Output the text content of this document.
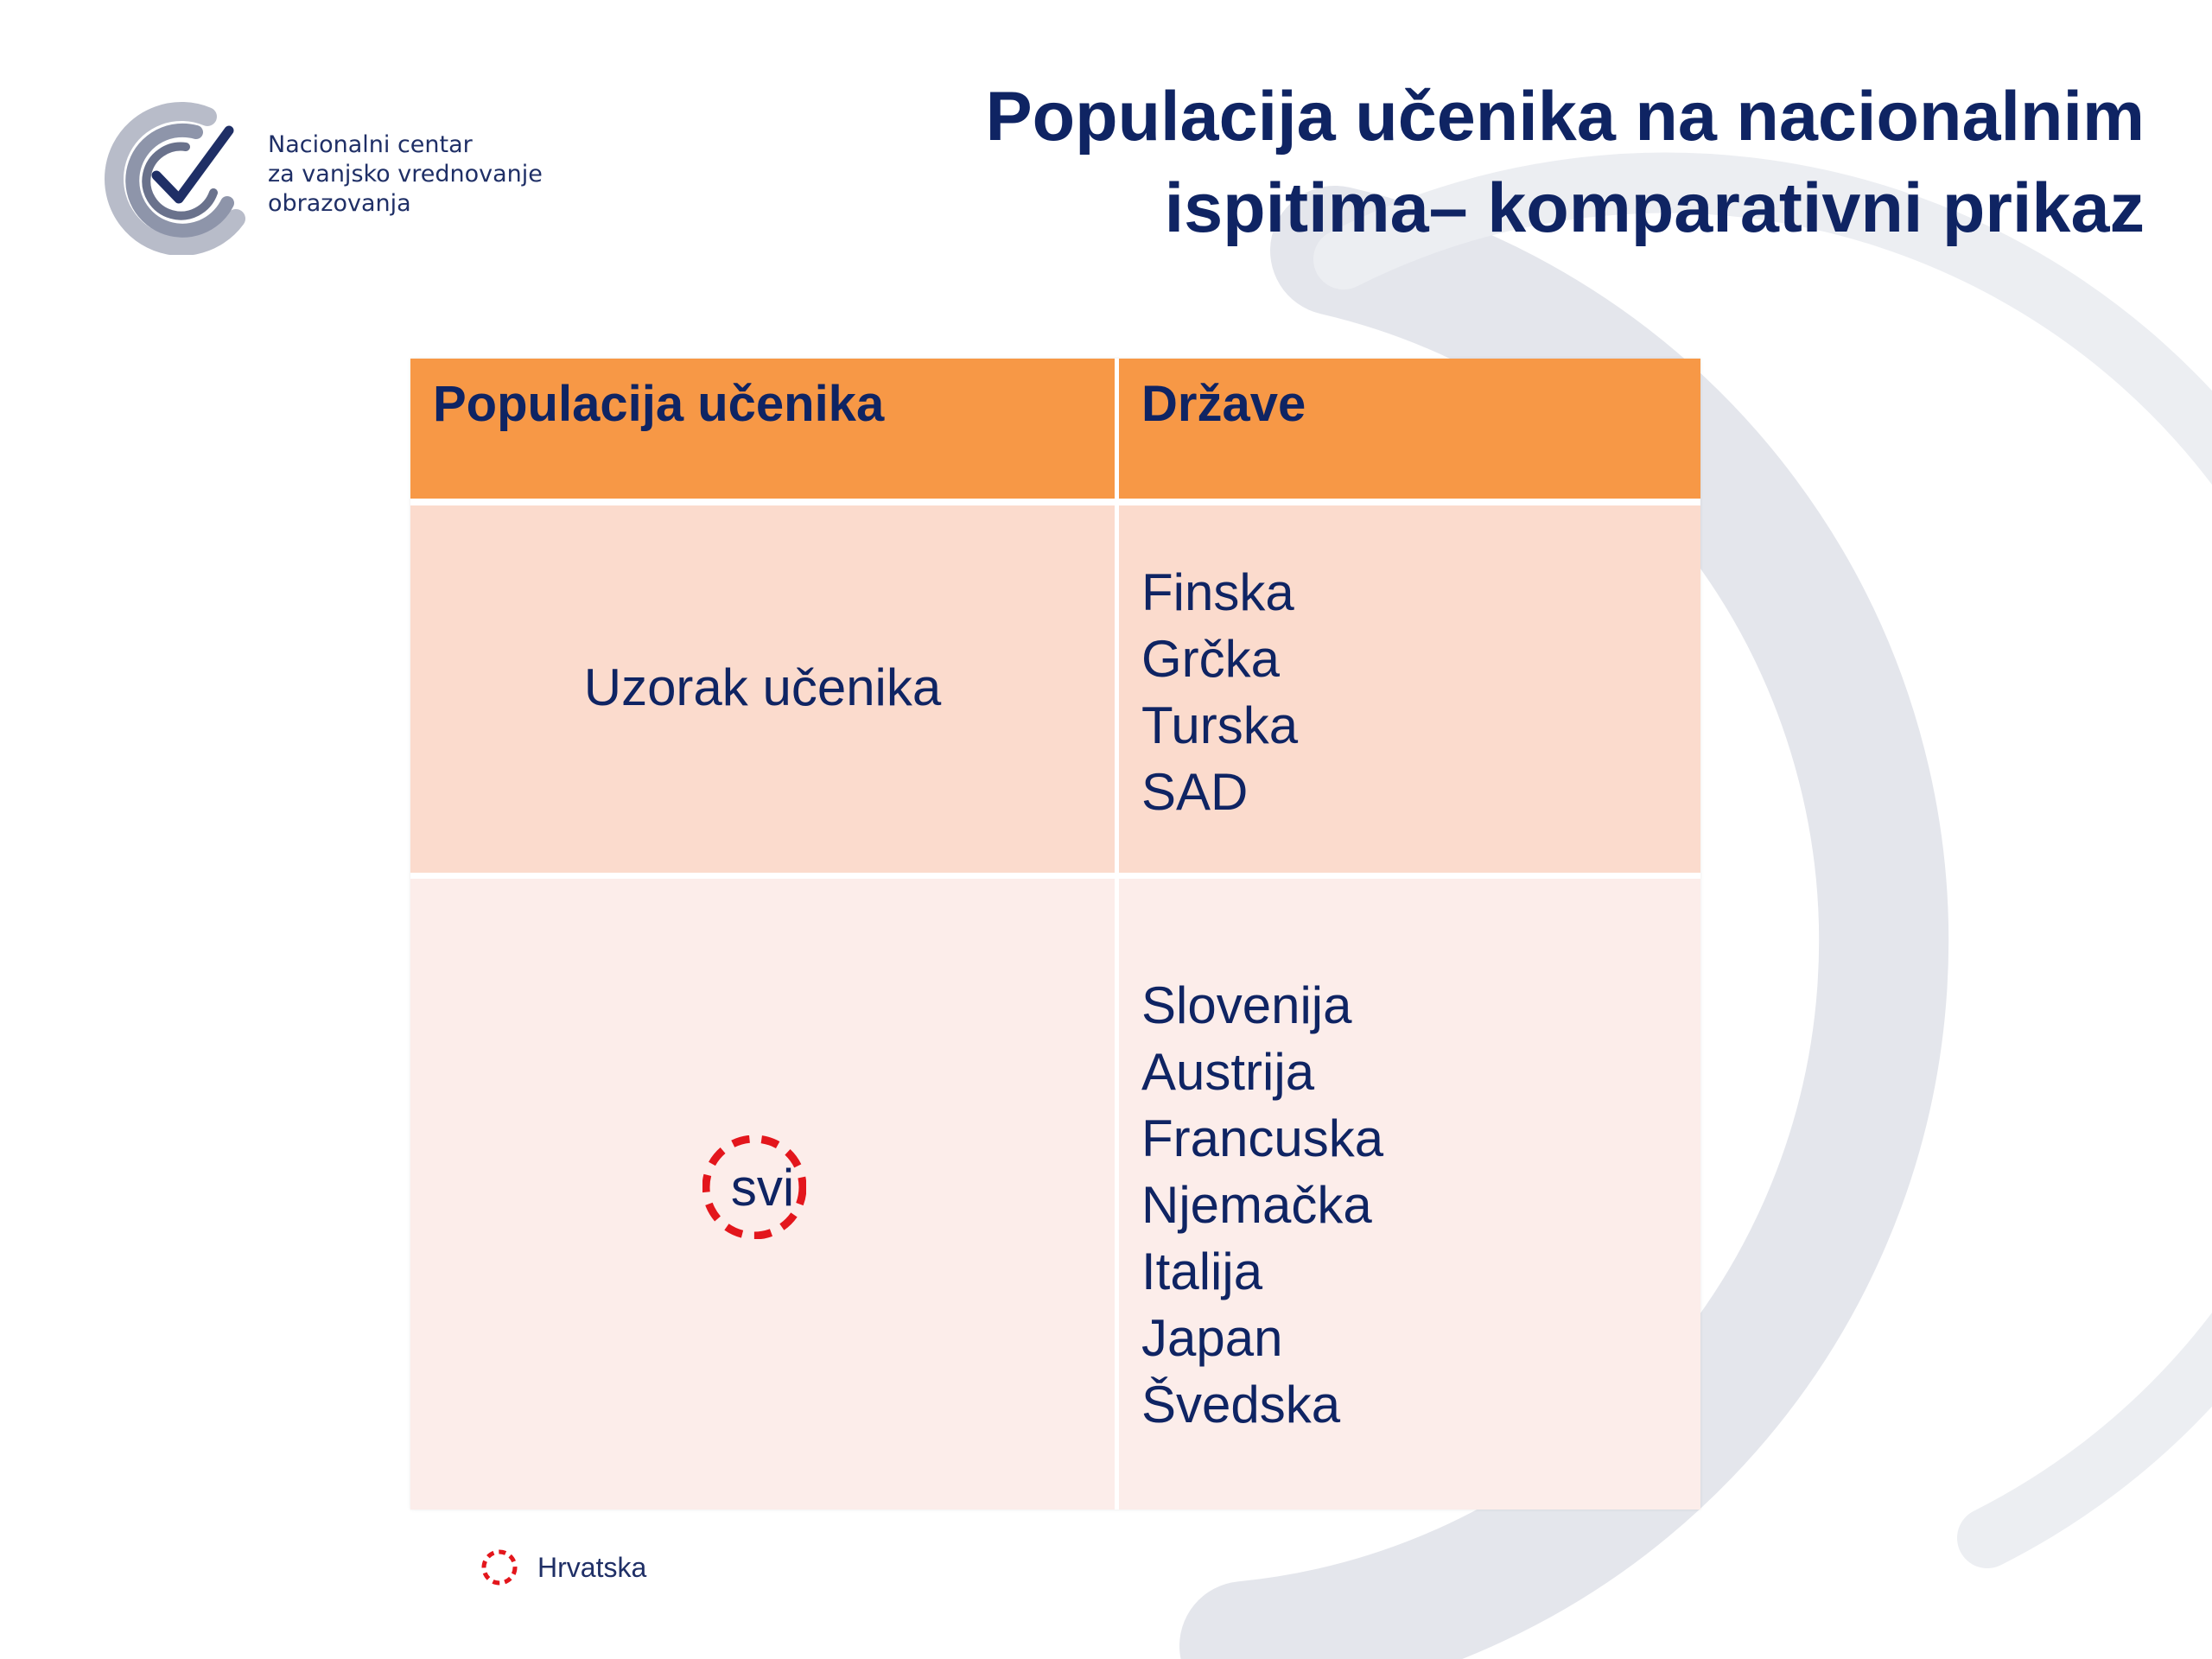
Nacionalni centar
za vanjsko vrednovanje
obrazovanja
Populacija učenika na nacionalnim
ispitima– komparativni prikaz
Populacija učenika	Države
Uzorak učenika
Finska
Grčka
Turska
SAD
svi
Slovenija
Austrija
Francuska
Njemačka
Italija
Japan
Švedska
Hrvatska
